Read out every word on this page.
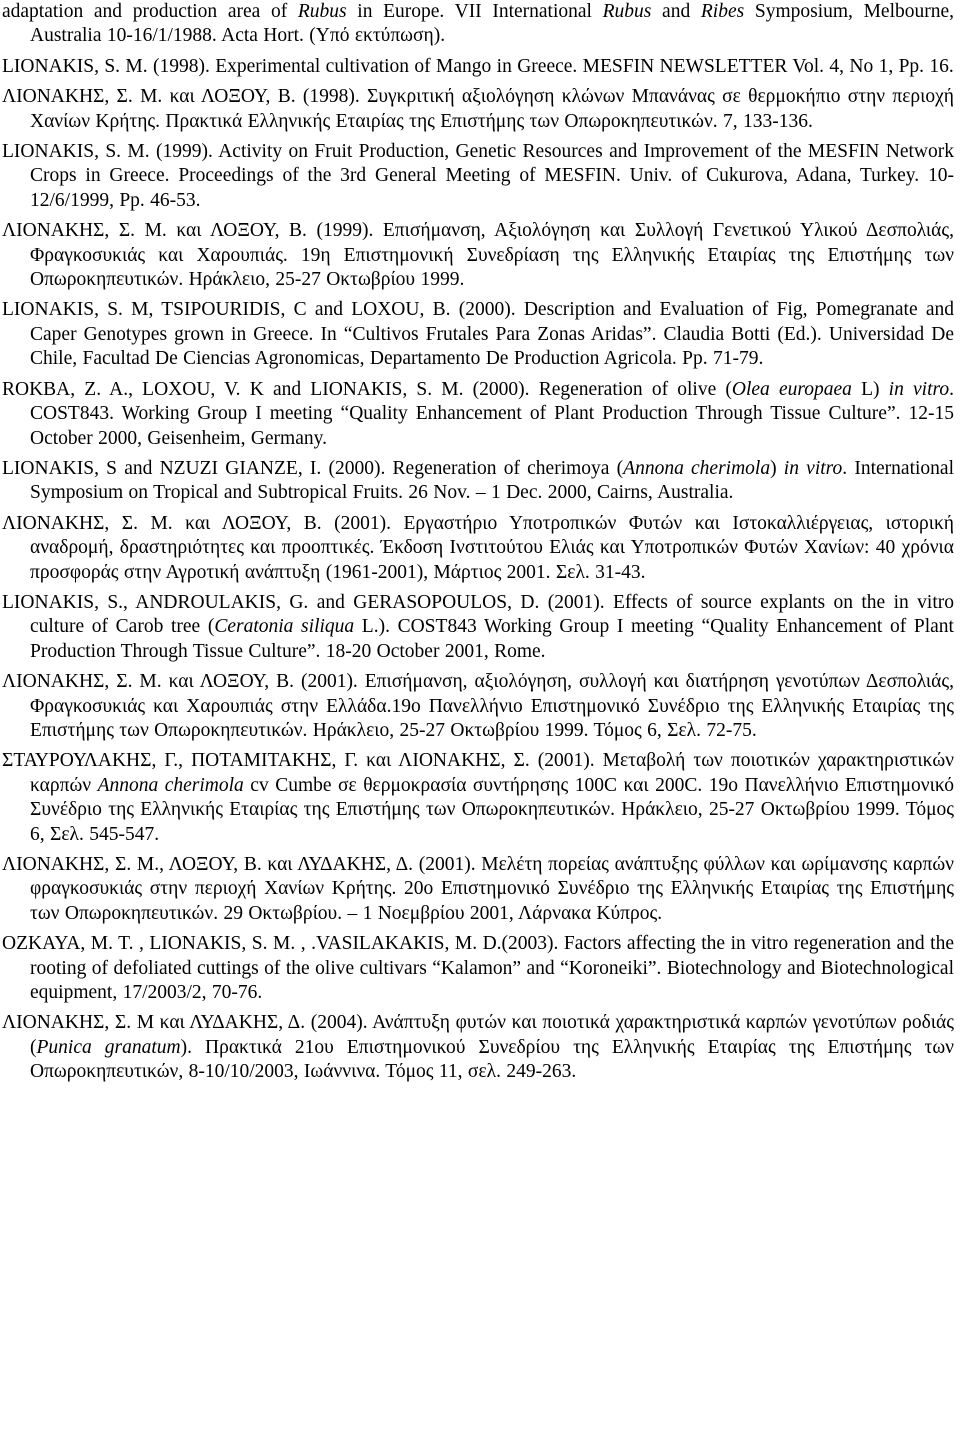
adaptation and production area of Rubus in Europe. VII International Rubus and Ribes Symposium, Melbourne, Australia 10-16/1/1988. Acta Hort. (Υπό εκτύπωση).

LIONAKIS, S. M. (1998). Experimental cultivation of Mango in Greece. MESFIN NEWSLETTER Vol. 4, No 1, Pp. 16.

ΛΙΟΝΑΚΗΣ, Σ. Μ. και ΛΟΞΟΥ, Β. (1998). Συγκριτική αξιολόγηση κλώνων Μπανάνας σε θερμοκήπιο στην περιοχή Χανίων Κρήτης. Πρακτικά Ελληνικής Εταιρίας της Επιστήμης των Οπωροκηπευτικών. 7, 133-136.

LIONAKIS, S. M. (1999). Activity on Fruit Production, Genetic Resources and Improvement of the MESFIN Network Crops in Greece. Proceedings of the 3rd General Meeting of MESFIN. Univ. of Cukurova, Adana, Turkey. 10-12/6/1999, Pp. 46-53.

ΛΙΟΝΑΚΗΣ, Σ. Μ. και ΛΟΞΟΥ, Β. (1999). Επισήμανση, Αξιολόγηση και Συλλογή Γενετικού Υλικού Δεσπολιάς, Φραγκοσυκιάς και Χαρουπιάς. 19η Επιστημονική Συνεδρίαση της Ελληνικής Εταιρίας της Επιστήμης των Οπωροκηπευτικών. Ηράκλειο, 25-27 Οκτωβρίου 1999.

LIONAKIS, S. M, TSIPOURIDIS, C and LOXOU, B. (2000). Description and Evaluation of Fig, Pomegranate and Caper Genotypes grown in Greece. In “Cultivos Frutales Para Zonas Aridas”. Claudia Botti (Ed.). Universidad De Chile, Facultad De Ciencias Agronomicas, Departamento De Production Agricola. Pp. 71-79.

ROKBA, Z. A., LOXOU, V. K and LIONAKIS, S. M. (2000). Regeneration of olive (Olea europaea L) in vitro. COST843. Working Group I meeting “Quality Enhancement of Plant Production Through Tissue Culture”. 12-15 October 2000, Geisenheim, Germany.

LIONAKIS, S and NZUZI GIANZE, I. (2000). Regeneration of cherimoya (Annona cherimola) in vitro. International Symposium on Tropical and Subtropical Fruits. 26 Nov. – 1 Dec. 2000, Cairns, Australia.

ΛΙΟΝΑΚΗΣ, Σ. Μ. και ΛΟΞΟΥ, Β. (2001). Εργαστήριο Υποτροπικών Φυτών και Ιστοκαλλιέργειας, ιστορική αναδρομή, δραστηριότητες και προοπτικές. Έκδοση Ινστιτούτου Ελιάς και Υποτροπικών Φυτών Χανίων: 40 χρόνια προσφοράς στην Αγροτική ανάπτυξη (1961-2001), Μάρτιος 2001. Σελ. 31-43.

LIONAKIS, S., ANDROULAKIS, G. and GERASOPOULOS, D. (2001). Effects of source explants on the in vitro culture of Carob tree (Ceratonia siliqua L.). COST843 Working Group I meeting “Quality Enhancement of Plant Production Through Tissue Culture”. 18-20 October 2001, Rome.

ΛΙΟΝΑΚΗΣ, Σ. Μ. και ΛΟΞΟΥ, Β. (2001). Επισήμανση, αξιολόγηση, συλλογή και διατήρηση γενοτύπων Δεσπολιάς, Φραγκοσυκιάς και Χαρουπιάς στην Ελλάδα.19ο Πανελλήνιο Επιστημονικό Συνέδριο της Ελληνικής Εταιρίας της Επιστήμης των Οπωροκηπευτικών. Ηράκλειο, 25-27 Οκτωβρίου 1999. Τόμος 6, Σελ. 72-75.

ΣΤΑΥΡΟΥΛΑΚΗΣ, Γ., ΠΟΤΑΜΙΤΑΚΗΣ, Γ. και ΛΙΟΝΑΚΗΣ, Σ. (2001). Μεταβολή των ποιοτικών χαρακτηριστικών καρπών Annona cherimola cv Cumbe σε θερμοκρασία συντήρησης 100C και 200C. 19ο Πανελλήνιο Επιστημονικό Συνέδριο της Ελληνικής Εταιρίας της Επιστήμης των Οπωροκηπευτικών. Ηράκλειο, 25-27 Οκτωβρίου 1999. Τόμος 6, Σελ. 545-547.

ΛΙΟΝΑΚΗΣ, Σ. Μ., ΛΟΞΟΥ, Β. και ΛΥΔΑΚΗΣ, Δ. (2001). Μελέτη πορείας ανάπτυξης φύλλων και ωρίμανσης καρπών φραγκοσυκιάς στην περιοχή Χανίων Κρήτης. 20ο Επιστημονικό Συνέδριο της Ελληνικής Εταιρίας της Επιστήμης των Οπωροκηπευτικών. 29 Οκτωβρίου. – 1 Νοεμβρίου 2001, Λάρνακα Κύπρος.

OZKAYA, M. T. , LIONAKIS, S. M. , .VASILAKAKIS, M. D.(2003). Factors affecting the in vitro regeneration and the rooting of defoliated cuttings of the olive cultivars “Kalamon” and “Koroneiki”. Biotechnology and Biotechnological equipment, 17/2003/2, 70-76.

ΛΙΟΝΑΚΗΣ, Σ. Μ και ΛΥΔΑΚΗΣ, Δ. (2004). Ανάπτυξη φυτών και ποιοτικά χαρακτηριστικά καρπών γενοτύπων ροδιάς (Punica granatum). Πρακτικά 21ου Επιστημονικού Συνεδρίου της Ελληνικής Εταιρίας της Επιστήμης των Οπωροκηπευτικών, 8-10/10/2003, Ιωάννινα. Τόμος 11, σελ. 249-263.
